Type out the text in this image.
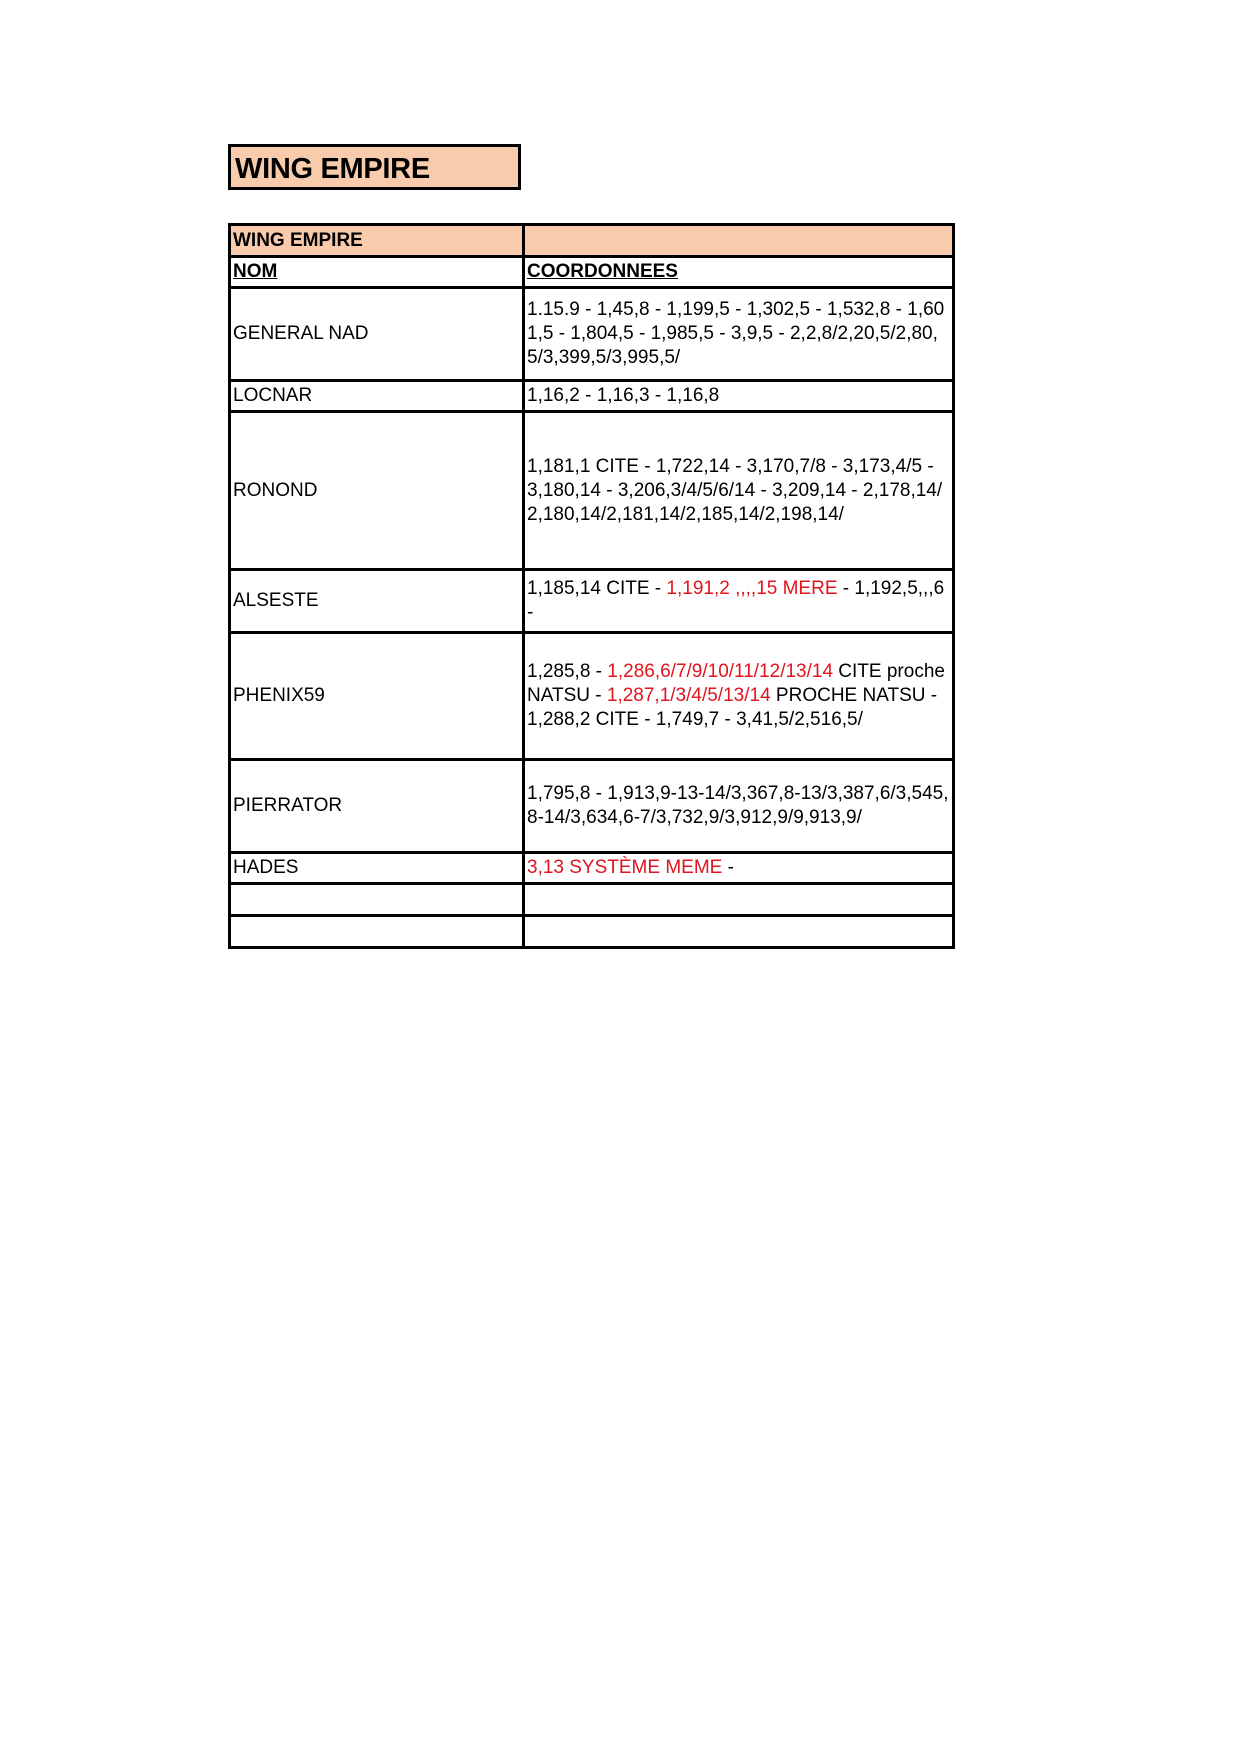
WING EMPIRE
WING EMPIRE	
NOM	COORDONNEES
GENERAL NAD	1.15.9 - 1,45,8 - 1,199,5 - 1,302,5 - 1,532,8 - 1,601,5 - 1,804,5 - 1,985,5 - 3,9,5 - 2,2,8/2,20,5/2,80,5/3,399,5/3,995,5/
LOCNAR	1,16,2 - 1,16,3 - 1,16,8
RONOND	1,181,1 CITE - 1,722,14 - 3,170,7/8 - 3,173,4/5 - 3,180,14 - 3,206,3/4/5/6/14 - 3,209,14 - 2,178,14/2,180,14/2,181,14/2,185,14/2,198,14/
ALSESTE	1,185,14 CITE - 1,191,2 ,,,,15 MERE - 1,192,5,,,6 -
PHENIX59	1,285,8 - 1,286,6/7/9/10/11/12/13/14 CITE proche NATSU - 1,287,1/3/4/5/13/14 PROCHE NATSU - 1,288,2 CITE - 1,749,7 - 3,41,5/2,516,5/
PIERRATOR	1,795,8 - 1,913,9-13-14/3,367,8-13/3,387,6/3,545,8-14/3,634,6-7/3,732,9/3,912,9/9,913,9/
HADES	3,13 SYSTÈME MEME -
